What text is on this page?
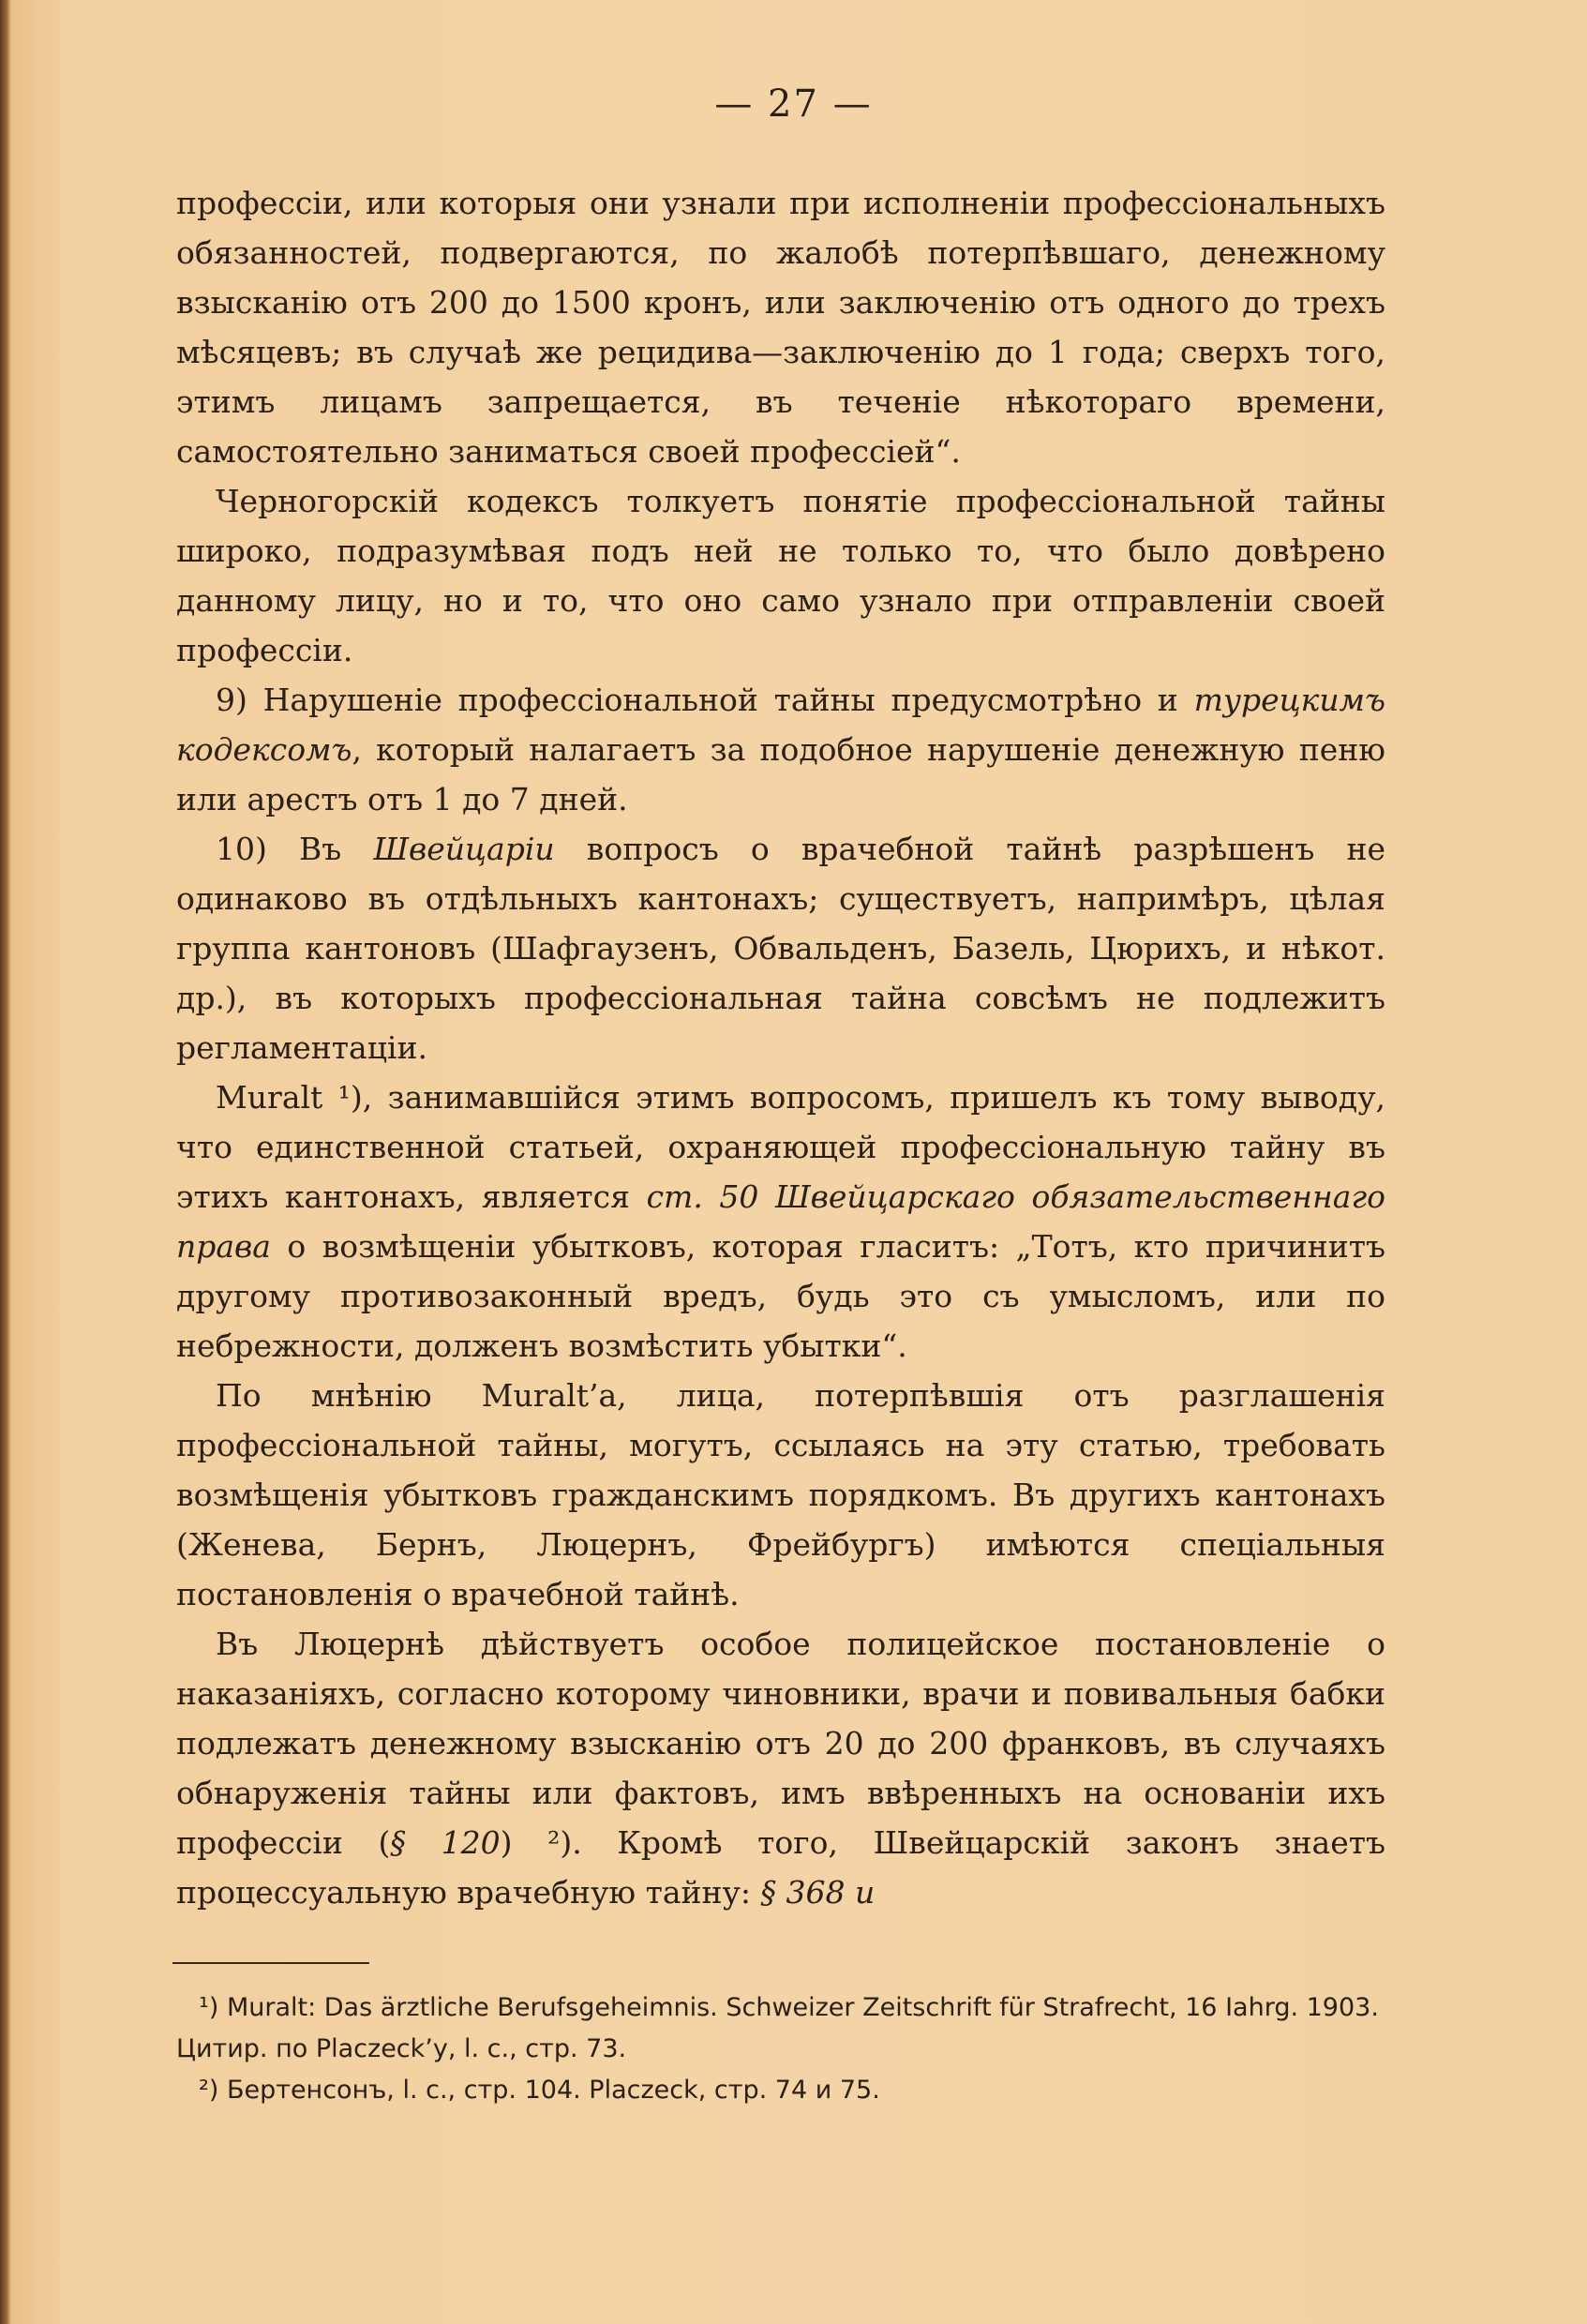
— 27 —

профессіи, или которыя они узнали при исполненіи профессіональныхъ обязанностей, подвергаются, по жалобѣ потерпѣвшаго, денежному взысканію отъ 200 до 1500 кронъ, или заключенію отъ одного до трехъ мѣсяцевъ; въ случаѣ же рецидива—заключенію до 1 года; сверхъ того, этимъ лицамъ запрещается, въ теченіе нѣкотораго времени, самостоятельно заниматься своей профессіей“.

Черногорскій кодексъ толкуетъ понятіе профессіональной тайны широко, подразумѣвая подъ ней не только то, что было довѣрено данному лицу, но и то, что оно само узнало при отправленіи своей профессіи.

9) Нарушеніе профессіональной тайны предусмотрѣно и турецкимъ кодексомъ, который налагаетъ за подобное нарушеніе денежную пеню или арестъ отъ 1 до 7 дней.

10) Въ Швейцаріи вопросъ о врачебной тайнѣ разрѣшенъ не одинаково въ отдѣльныхъ кантонахъ; существуетъ, напримѣръ, цѣлая группа кантоновъ (Шафгаузенъ, Обвальденъ, Базель, Цюрихъ, и нѣкот. др.), въ которыхъ профессіональная тайна совсѣмъ не подлежитъ регламентаціи.

Muralt ¹), занимавшійся этимъ вопросомъ, пришелъ къ тому выводу, что единственной статьей, охраняющей профессіональную тайну въ этихъ кантонахъ, является ст. 50 Швейцарскаго обязательственнаго права о возмѣщеніи убытковъ, которая гласитъ: „Тотъ, кто причинитъ другому противозаконный вредъ, будь это съ умысломъ, или по небрежности, долженъ возмѣстить убытки“.

По мнѣнію Muralt’а, лица, потерпѣвшія отъ разглашенія профессіональной тайны, могутъ, ссылаясь на эту статью, требовать возмѣщенія убытковъ гражданскимъ порядкомъ. Въ другихъ кантонахъ (Женева, Бернъ, Люцернъ, Фрейбургъ) имѣются спеціальныя постановленія о врачебной тайнѣ.

Въ Люцернѣ дѣйствуетъ особое полицейское постановленіе о наказаніяхъ, согласно которому чиновники, врачи и повивальныя бабки подлежатъ денежному взысканію отъ 20 до 200 франковъ, въ случаяхъ обнаруженія тайны или фактовъ, имъ ввѣренныхъ на основаніи ихъ профессіи (§ 120) ²). Кромѣ того, Швейцарскій законъ знаетъ процессуальную врачебную тайну: § 368 и

¹) Muralt: Das ärztliche Berufsgeheimnis. Schweizer Zeitschrift für Strafrecht, 16 Iahrg. 1903. Цитир. по Placzeck’у, l. c., стр. 73.

²) Бертенсонъ, l. c., стр. 104. Placzeck, стр. 74 и 75.
